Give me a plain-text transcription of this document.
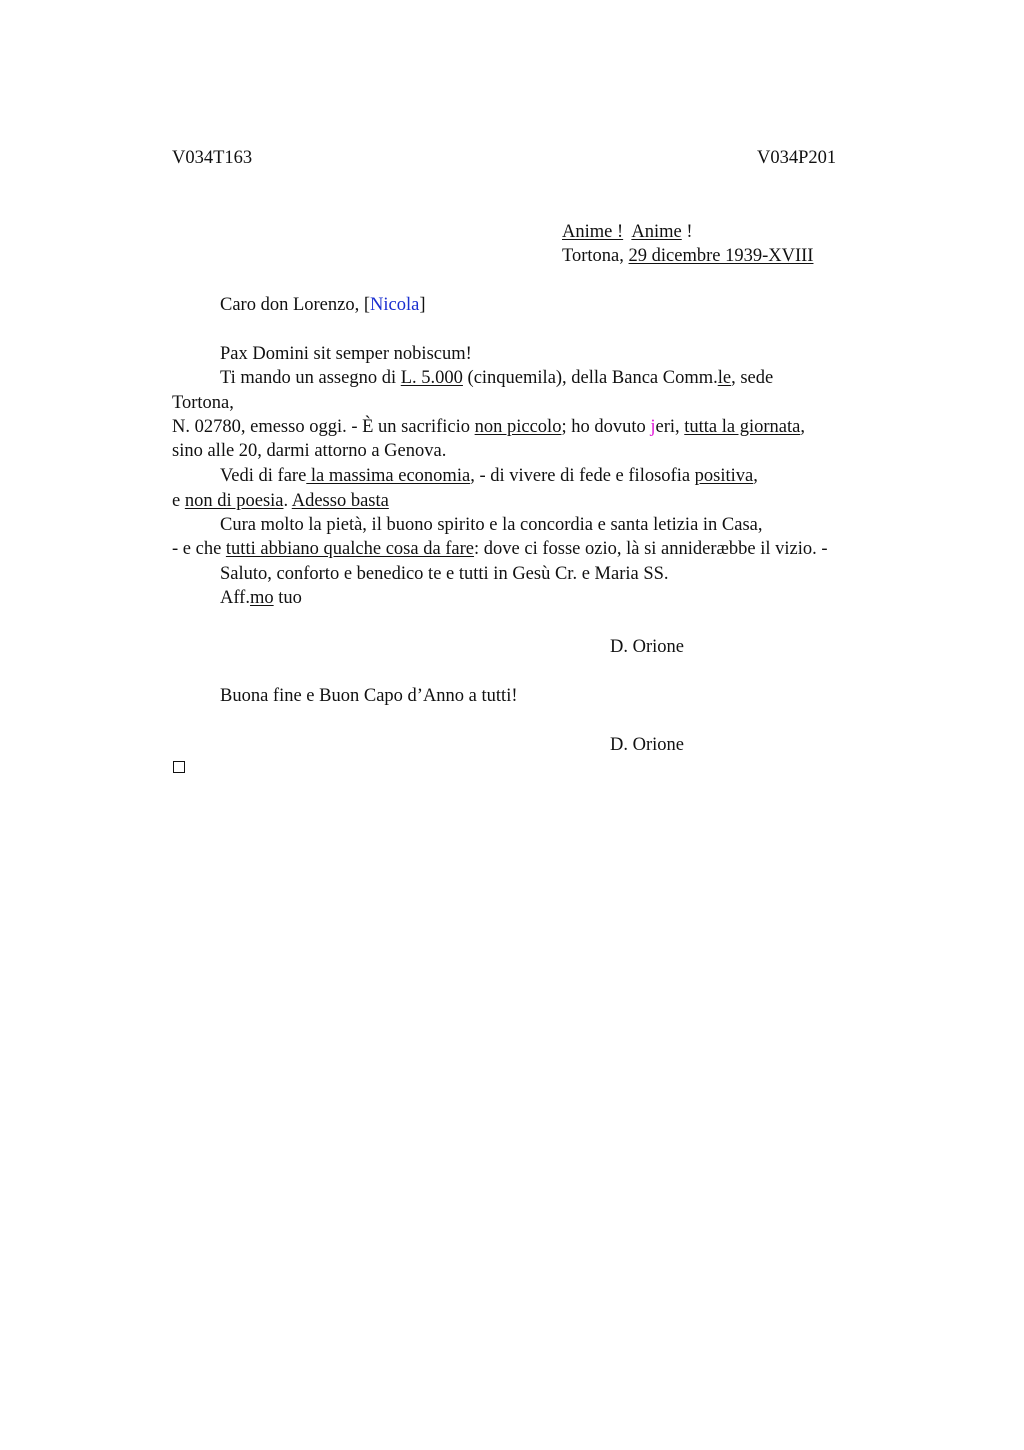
V034T163	V034P201
Anime ! Anime !
Tortona, 29 dicembre 1939-XVIII
Caro don Lorenzo, [Nicola]
Pax Domini sit semper nobiscum!
Ti mando un assegno di L. 5.000 (cinquemila), della Banca Comm.le, sede
Tortona,
N. 02780, emesso oggi. - È un sacrificio non piccolo; ho dovuto jeri, tutta la giornata,
sino alle 20, darmi attorno a Genova.
Vedi di fare la massima economia, - di vivere di fede e filosofia positiva,
e non di poesia. Adesso basta
Cura molto la pietà, il buono spirito e la concordia e santa letizia in Casa,
- e che tutti abbiano qualche cosa da fare: dove ci fosse ozio, là si annideræbbe il vizio. -
Saluto, conforto e benedico te e tutti in Gesù Cr. e Maria SS.
Aff.mo tuo
D. Orione
Buona fine e Buon Capo d’Anno a tutti!
D. Orione
